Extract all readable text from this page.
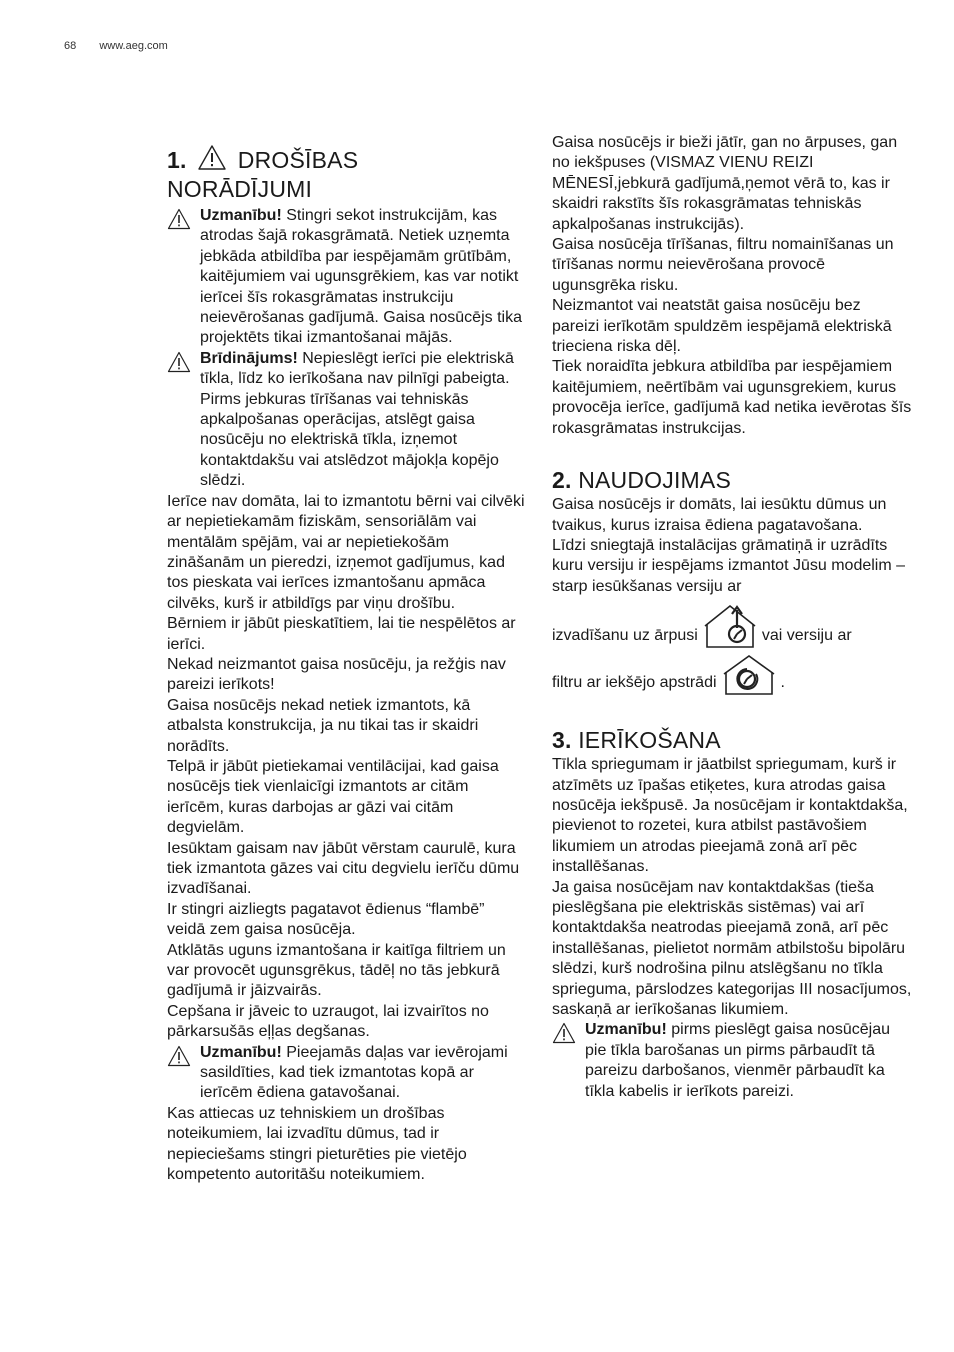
68 www.aeg.com
1. DROŠĪBAS
NORĀDĪJUMI

Uzmanību! Stingri sekot instrukcijām, kas atrodas šajā rokasgrāmatā. Netiek uzņemta jebkāda atbildība par iespējamām grūtībām, kaitējumiem vai ugunsgrēkiem, kas var notikt ierīcei šīs rokasgrāmatas instrukciju neievērošanas gadījumā. Gaisa nosūcējs tika projektēts tikai izmantošanai mājās.

Brīdinājums! Nepieslēgt ierīci pie elektriskā tīkla, līdz ko ierīkošana nav pilnīgi pabeigta.

Pirms jebkuras tīrīšanas vai tehniskās apkalpošanas operācijas, atslēgt gaisa nosūcēju no elektriskā tīkla, izņemot kontaktdakšu vai atslēdzot mājokļa kopējo slēdzi.

Ierīce nav domāta, lai to izmantotu bērni vai cilvēki ar nepietiekamām fiziskām, sensoriālām vai mentālām spējām, vai ar nepietiekošām zināšanām un pieredzi, izņemot gadījumus, kad tos pieskata vai ierīces izmantošanu apmāca cilvēks, kurš ir atbildīgs par viņu drošību.

Bērniem ir jābūt pieskatītiem, lai tie nespēlētos ar ierīci.

Nekad neizmantot gaisa nosūcēju, ja režģis nav pareizi ierīkots!

Gaisa nosūcējs nekad netiek izmantots, kā atbalsta konstrukcija, ja nu tikai tas ir skaidri norādīts.

Telpā ir jābūt pietiekamai ventilācijai, kad gaisa nosūcējs tiek vienlaicīgi izmantots ar citām ierīcēm, kuras darbojas ar gāzi vai citām degvielām.

Iesūktam gaisam nav jābūt vērstam caurulē, kura tiek izmantota gāzes vai citu degvielu ierīču dūmu izvadīšanai.

Ir stingri aizliegts pagatavot ēdienus “flambē” veidā zem gaisa nosūcēja.

Atklātās uguns izmantošana ir kaitīga filtriem un var provocēt ugunsgrēkus, tādēļ no tās jebkurā gadījumā ir jāizvairās.

Cepšana ir jāveic to uzraugot, lai izvairītos no pārkarsušās eļļas degšanas.

Uzmanību! Pieejamās daļas var ievērojami sasildīties, kad tiek izmantotas kopā ar ierīcēm ēdiena gatavošanai.

Kas attiecas uz tehniskiem un drošības noteikumiem, lai izvadītu dūmus, tad ir nepieciešams stingri pieturēties pie vietējo kompetento autoritāšu noteikumiem.

Gaisa nosūcējs ir bieži jātīr, gan no ārpuses, gan no iekšpuses (VISMAZ VIENU REIZI MĒNESĪ,jebkurā gadījumā,ņemot vērā to, kas ir skaidri rakstīts šīs rokasgrāmatas tehniskās apkalpošanas instrukcijās).

Gaisa nosūcēja tīrīšanas, filtru nomainīšanas un tīrīšanas normu neievērošana provocē ugunsgrēka risku.

Neizmantot vai neatstāt gaisa nosūcēju bez pareizi ierīkotām spuldzēm iespējamā elektriskā trieciena riska dēļ.

Tiek noraidīta jebkura atbildība par iespējamiem kaitējumiem, neērtībām vai ugunsgrekiem, kurus provocēja ierīce, gadījumā kad netika ievērotas šīs rokasgrāmatas instrukcijas.

2. NAUDOJIMAS

Gaisa nosūcējs ir domāts, lai iesūktu dūmus un tvaikus, kurus izraisa ēdiena pagatavošana.

Līdzi sniegtajā instalācijas grāmatiņā ir uzrādīts kuru versiju ir iespējams izmantot Jūsu modelim – starp iesūkšanas versiju ar

izvadīšanu uz ārpusi	vai versiju ar
filtru ar iekšējo apstrādi	.
3. IERĪKOŠANA

Tīkla spriegumam ir jāatbilst spriegumam, kurš ir atzīmēts uz īpašas etiķetes, kura atrodas gaisa nosūcēja iekšpusē. Ja nosūcējam ir kontaktdakša, pievienot to rozetei, kura atbilst pastāvošiem likumiem un atrodas pieejamā zonā arī pēc installēšanas.

Ja gaisa nosūcējam nav kontaktdakšas (tieša pieslēgšana pie elektriskās sistēmas) vai arī kontaktdakša neatrodas pieejamā zonā, arī pēc installēšanas, pielietot normām atbilstošu bipolāru slēdzi, kurš nodrošina pilnu atslēgšanu no tīkla sprieguma, pārslodzes kategorijas III nosacījumos, saskaņā ar ierīkošanas likumiem.

Uzmanību! pirms pieslēgt gaisa nosūcējau pie tīkla barošanas un pirms pārbaudīt tā pareizu darbošanos, vienmēr pārbaudīt ka tīkla kabelis ir ierīkots pareizi.
